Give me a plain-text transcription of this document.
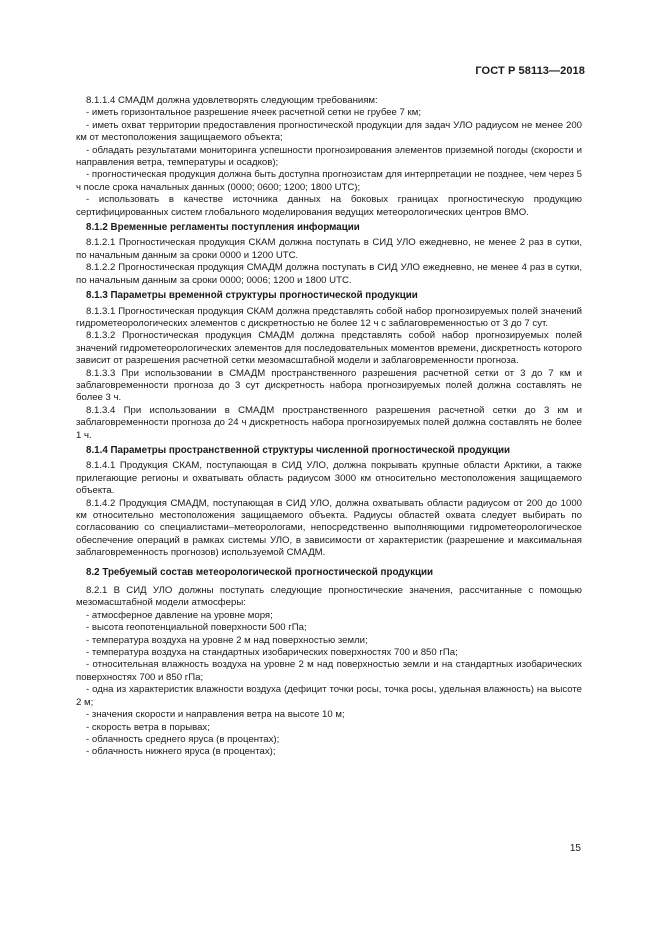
ГОСТ Р 58113—2018

8.1.1.4 СМАДМ должна удовлетворять следующим требованиям:

- иметь горизонтальное разрешение ячеек расчетной сетки не грубее 7 км;

- иметь охват территории предоставления прогностической продукции для задач УЛО радиусом не менее 200 км от местоположения защищаемого объекта;

- обладать результатами мониторинга успешности прогнозирования элементов приземной погоды (скорости и направления ветра, температуры и осадков);

- прогностическая продукция должна быть доступна прогнозистам для интерпретации не позднее, чем через 5 ч после срока начальных данных (0000; 0600; 1200; 1800 UTC);

- использовать в качестве источника данных на боковых границах прогностическую продукцию сертифицированных систем глобального моделирования ведущих метеорологических центров ВМО.

8.1.2 Временные регламенты поступления информации

8.1.2.1 Прогностическая продукция СКАМ должна поступать в СИД УЛО ежедневно, не менее 2 раз в сутки, по начальным данным за сроки 0000 и 1200 UTC.

8.1.2.2 Прогностическая продукция СМАДМ должна поступать в СИД УЛО ежедневно, не менее 4 раз в сутки, по начальным данным за сроки 0000; 0006; 1200 и 1800 UTC.

8.1.3 Параметры временной структуры прогностической продукции

8.1.3.1 Прогностическая продукция СКАМ должна представлять собой набор прогнозируемых полей значений гидрометеорологических элементов с дискретностью не более 12 ч с заблаговременностью от 3 до 7 сут.

8.1.3.2 Прогностическая продукция СМАДМ должна представлять собой набор прогнозируемых полей значений гидрометеорологических элементов для последовательных моментов времени, дискретность которого зависит от разрешения расчетной сетки мезомасштабной модели и заблаговременности прогноза.

8.1.3.3 При использовании в СМАДМ пространственного разрешения расчетной сетки от 3 до 7 км и заблаговременности прогноза до 3 сут дискретность набора прогнозируемых полей должна составлять не более 3 ч.

8.1.3.4 При использовании в СМАДМ пространственного разрешения расчетной сетки до 3 км и заблаговременности прогноза до 24 ч дискретность набора прогнозируемых полей должна составлять не более 1 ч.

8.1.4 Параметры пространственной структуры численной прогностической продукции

8.1.4.1 Продукция СКАМ, поступающая в СИД УЛО, должна покрывать крупные области Арктики, а также прилегающие регионы и охватывать область радиусом 3000 км относительно местоположения защищаемого объекта.

8.1.4.2 Продукция СМАДМ, поступающая в СИД УЛО, должна охватывать области радиусом от 200 до 1000 км относительно местоположения защищаемого объекта. Радиусы областей охвата следует выбирать по согласованию со специалистами–метеорологами, непосредственно выполняющими гидрометеорологическое обеспечение операций в рамках системы УЛО, в зависимости от характеристик (разрешение и максимальная заблаговременность прогнозов) используемой СМАДМ.

8.2 Требуемый состав метеорологической прогностической продукции

8.2.1 В СИД УЛО должны поступать следующие прогностические значения, рассчитанные с помощью мезомасштабной модели атмосферы:

- атмосферное давление на уровне моря;

- высота геопотенциальной поверхности 500 гПа;

- температура воздуха на уровне 2 м над поверхностью земли;

- температура воздуха на стандартных изобарических поверхностях 700 и 850 гПа;

- относительная влажность воздуха на уровне 2 м над поверхностью земли и на стандартных изобарических поверхностях 700 и 850 гПа;

- одна из характеристик влажности воздуха (дефицит точки росы, точка росы, удельная влажность) на высоте 2 м;

- значения скорости и направления ветра на высоте 10 м;

- скорость ветра в порывах;

- облачность среднего яруса (в процентах);

- облачность нижнего яруса (в процентах);

15
